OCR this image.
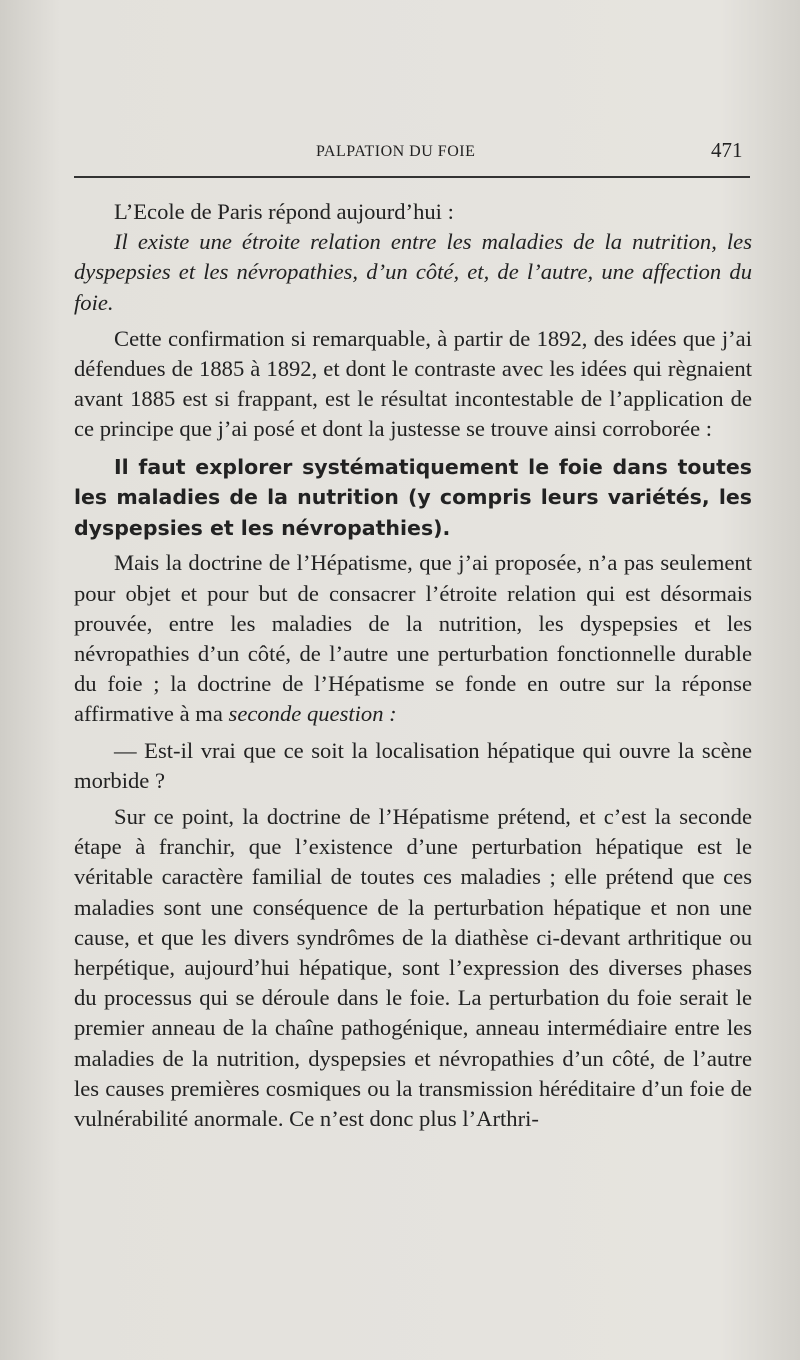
PALPATION DU FOIE	471

L’Ecole de Paris répond aujourd’hui :

Il existe une étroite relation entre les maladies de la nutrition, les dyspepsies et les névropathies, d’un côté, et, de l’autre, une affection du foie.

Cette confirmation si remarquable, à partir de 1892, des idées que j’ai défendues de 1885 à 1892, et dont le contraste avec les idées qui règnaient avant 1885 est si frappant, est le résultat incontestable de l’application de ce principe que j’ai posé et dont la justesse se trouve ainsi corroborée :

Il faut explorer systématiquement le foie dans toutes les maladies de la nutrition (y compris leurs variétés, les dyspepsies et les névropathies).

Mais la doctrine de l’Hépatisme, que j’ai proposée, n’a pas seulement pour objet et pour but de consacrer l’étroite relation qui est désormais prouvée, entre les maladies de la nutrition, les dyspepsies et les névropathies d’un côté, de l’autre une perturbation fonctionnelle durable du foie ; la doctrine de l’Hépatisme se fonde en outre sur la réponse affirmative à ma seconde question :

— Est-il vrai que ce soit la localisation hépatique qui ouvre la scène morbide ?

Sur ce point, la doctrine de l’Hépatisme prétend, et c’est la seconde étape à franchir, que l’existence d’une perturbation hépatique est le véritable caractère familial de toutes ces maladies ; elle prétend que ces maladies sont une conséquence de la perturbation hépatique et non une cause, et que les divers syndrômes de la diathèse ci-devant arthritique ou herpétique, aujourd’hui hépatique, sont l’expression des diverses phases du processus qui se déroule dans le foie. La perturbation du foie serait le premier anneau de la chaîne pathogénique, anneau intermédiaire entre les maladies de la nutrition, dyspepsies et névropathies d’un côté, de l’autre les causes premières cosmiques ou la transmission héréditaire d’un foie de vulnérabilité anormale. Ce n’est donc plus l’Arthri-
